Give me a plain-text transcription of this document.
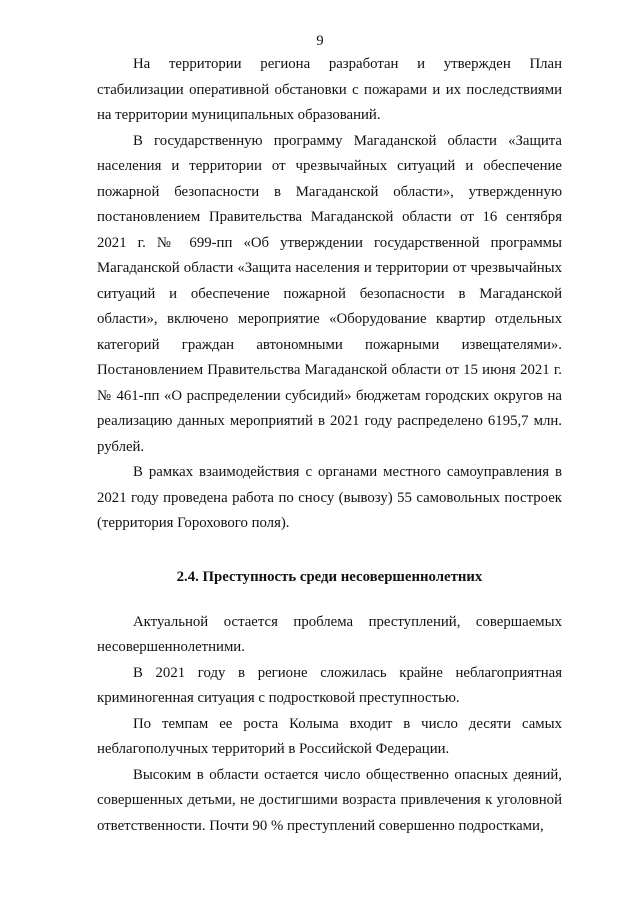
9

На территории региона разработан и утвержден План стабилизации оперативной обстановки с пожарами и их последствиями на территории муниципальных образований.

В государственную программу Магаданской области «Защита населения и территории от чрезвычайных ситуаций и обеспечение пожарной безопасности в Магаданской области», утвержденную постановлением Правительства Магаданской области от 16 сентября 2021 г. № 699-пп «Об утверждении государственной программы Магаданской области «Защита населения и территории от чрезвычайных ситуаций и обеспечение пожарной безопасности в Магаданской области», включено мероприятие «Оборудование квартир отдельных категорий граждан автономными пожарными извещателями». Постановлением Правительства Магаданской области от 15 июня 2021 г. № 461-пп «О распределении субсидий» бюджетам городских округов на реализацию данных мероприятий в 2021 году распределено 6195,7 млн. рублей.

В рамках взаимодействия с органами местного самоуправления в 2021 году проведена работа по сносу (вывозу) 55 самовольных построек (территория Горохового поля).

2.4. Преступность среди несовершеннолетних

Актуальной остается проблема преступлений, совершаемых несовершеннолетними.

В 2021 году в регионе сложилась крайне неблагоприятная криминогенная ситуация с подростковой преступностью.

По темпам ее роста Колыма входит в число десяти самых неблагополучных территорий в Российской Федерации.

Высоким в области остается число общественно опасных деяний, совершенных детьми, не достигшими возраста привлечения к уголовной ответственности. Почти 90 % преступлений совершенно подростками,
